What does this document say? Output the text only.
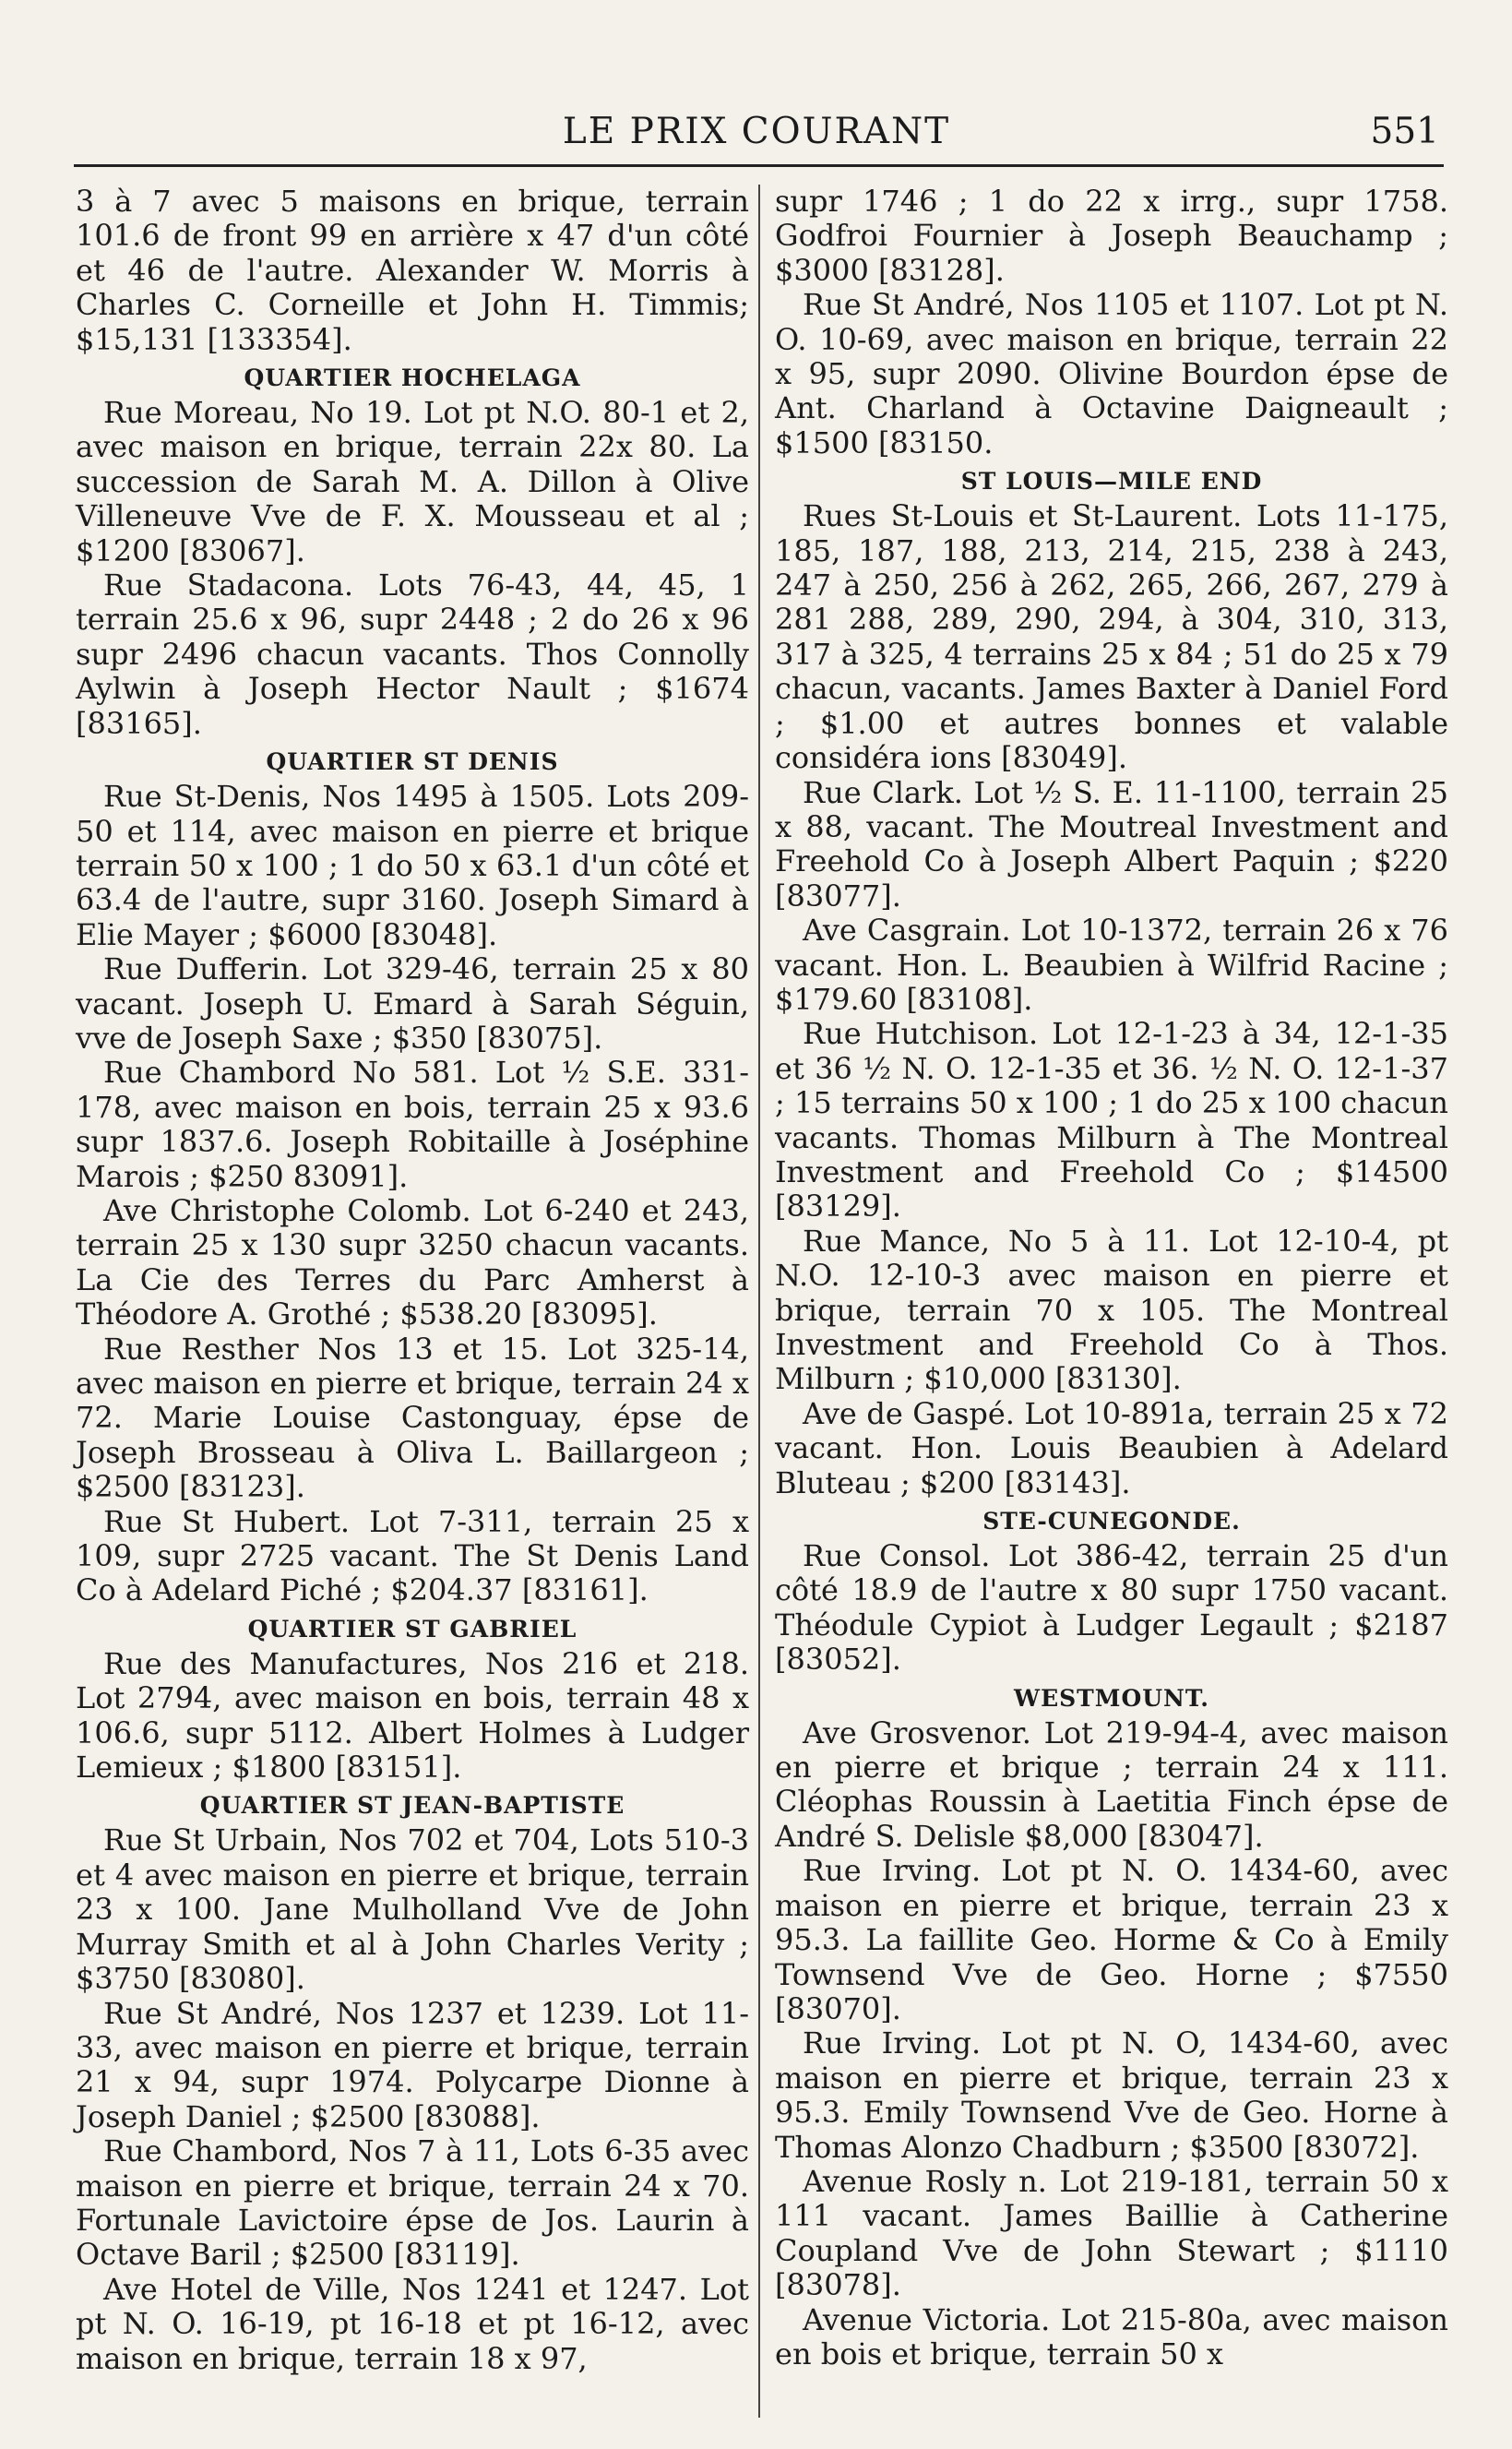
LE PRIX COURANT	551

3 à 7 avec 5 maisons en brique, terrain 101.6 de front 99 en arrière x 47 d'un côté et 46 de l'autre. Alexander W. Morris à Charles C. Corneille et John H. Timmis; $15,131 [133354].

QUARTIER HOCHELAGA

Rue Moreau, No 19. Lot pt N.O. 80-1 et 2, avec maison en brique, terrain 22x 80. La succession de Sarah M. A. Dillon à Olive Villeneuve Vve de F. X. Mousseau et al ; $1200 [83067].

Rue Stadacona. Lots 76-43, 44, 45, 1 terrain 25.6 x 96, supr 2448 ; 2 do 26 x 96 supr 2496 chacun vacants. Thos Connolly Aylwin à Joseph Hector Nault ; $1674 [83165].

QUARTIER ST DENIS

Rue St-Denis, Nos 1495 à 1505. Lots 209-50 et 114, avec maison en pierre et brique terrain 50 x 100 ; 1 do 50 x 63.1 d'un côté et 63.4 de l'autre, supr 3160. Joseph Simard à Elie Mayer ; $6000 [83048].

Rue Dufferin. Lot 329-46, terrain 25 x 80 vacant. Joseph U. Emard à Sarah Séguin, vve de Joseph Saxe ; $350 [83075].

Rue Chambord No 581. Lot ½ S.E. 331-178, avec maison en bois, terrain 25 x 93.6 supr 1837.6. Joseph Robitaille à Joséphine Marois ; $250 83091].

Ave Christophe Colomb. Lot 6-240 et 243, terrain 25 x 130 supr 3250 chacun vacants. La Cie des Terres du Parc Amherst à Théodore A. Grothé ; $538.20 [83095].

Rue Resther Nos 13 et 15. Lot 325-14, avec maison en pierre et brique, terrain 24 x 72. Marie Louise Castonguay, épse de Joseph Brosseau à Oliva L. Baillargeon ; $2500 [83123].

Rue St Hubert. Lot 7-311, terrain 25 x 109, supr 2725 vacant. The St Denis Land Co à Adelard Piché ; $204.37 [83161].

QUARTIER ST GABRIEL

Rue des Manufactures, Nos 216 et 218. Lot 2794, avec maison en bois, terrain 48 x 106.6, supr 5112. Albert Holmes à Ludger Lemieux ; $1800 [83151].

QUARTIER ST JEAN-BAPTISTE

Rue St Urbain, Nos 702 et 704, Lots 510-3 et 4 avec maison en pierre et brique, terrain 23 x 100. Jane Mulholland Vve de John Murray Smith et al à John Charles Verity ; $3750 [83080].

Rue St André, Nos 1237 et 1239. Lot 11-33, avec maison en pierre et brique, terrain 21 x 94, supr 1974. Polycarpe Dionne à Joseph Daniel ; $2500 [83088].

Rue Chambord, Nos 7 à 11, Lots 6-35 avec maison en pierre et brique, terrain 24 x 70. Fortunale Lavictoire épse de Jos. Laurin à Octave Baril ; $2500 [83119].

Ave Hotel de Ville, Nos 1241 et 1247. Lot pt N. O. 16-19, pt 16-18 et pt 16-12, avec maison en brique, terrain 18 x 97,

supr 1746 ; 1 do 22 x irrg., supr 1758. Godfroi Fournier à Joseph Beauchamp ; $3000 [83128].

Rue St André, Nos 1105 et 1107. Lot pt N. O. 10-69, avec maison en brique, terrain 22 x 95, supr 2090. Olivine Bourdon épse de Ant. Charland à Octavine Daigneault ; $1500 [83150.

ST LOUIS—MILE END

Rues St-Louis et St-Laurent. Lots 11-175, 185, 187, 188, 213, 214, 215, 238 à 243, 247 à 250, 256 à 262, 265, 266, 267, 279 à 281 288, 289, 290, 294, à 304, 310, 313, 317 à 325, 4 terrains 25 x 84 ; 51 do 25 x 79 chacun, vacants. James Baxter à Daniel Ford ; $1.00 et autres bonnes et valable considéra ions [83049].

Rue Clark. Lot ½ S. E. 11-1100, terrain 25 x 88, vacant. The Moutreal Investment and Freehold Co à Joseph Albert Paquin ; $220 [83077].

Ave Casgrain. Lot 10-1372, terrain 26 x 76 vacant. Hon. L. Beaubien à Wilfrid Racine ; $179.60 [83108].

Rue Hutchison. Lot 12-1-23 à 34, 12-1-35 et 36 ½ N. O. 12-1-35 et 36. ½ N. O. 12-1-37 ; 15 terrains 50 x 100 ; 1 do 25 x 100 chacun vacants. Thomas Milburn à The Montreal Investment and Freehold Co ; $14500 [83129].

Rue Mance, No 5 à 11. Lot 12-10-4, pt N.O. 12-10-3 avec maison en pierre et brique, terrain 70 x 105. The Montreal Investment and Freehold Co à Thos. Milburn ; $10,000 [83130].

Ave de Gaspé. Lot 10-891a, terrain 25 x 72 vacant. Hon. Louis Beaubien à Adelard Bluteau ; $200 [83143].

STE-CUNEGONDE.

Rue Consol. Lot 386-42, terrain 25 d'un côté 18.9 de l'autre x 80 supr 1750 vacant. Théodule Cypiot à Ludger Legault ; $2187 [83052].

WESTMOUNT.

Ave Grosvenor. Lot 219-94-4, avec maison en pierre et brique ; terrain 24 x 111. Cléophas Roussin à Laetitia Finch épse de André S. Delisle $8,000 [83047].

Rue Irving. Lot pt N. O. 1434-60, avec maison en pierre et brique, terrain 23 x 95.3. La faillite Geo. Horme & Co à Emily Townsend Vve de Geo. Horne ; $7550 [83070].

Rue Irving. Lot pt N. O, 1434-60, avec maison en pierre et brique, terrain 23 x 95.3. Emily Townsend Vve de Geo. Horne à Thomas Alonzo Chadburn ; $3500 [83072].

Avenue Rosly n. Lot 219-181, terrain 50 x 111 vacant. James Baillie à Catherine Coupland Vve de John Stewart ; $1110 [83078].

Avenue Victoria. Lot 215-80a, avec maison en bois et brique, terrain 50 x
